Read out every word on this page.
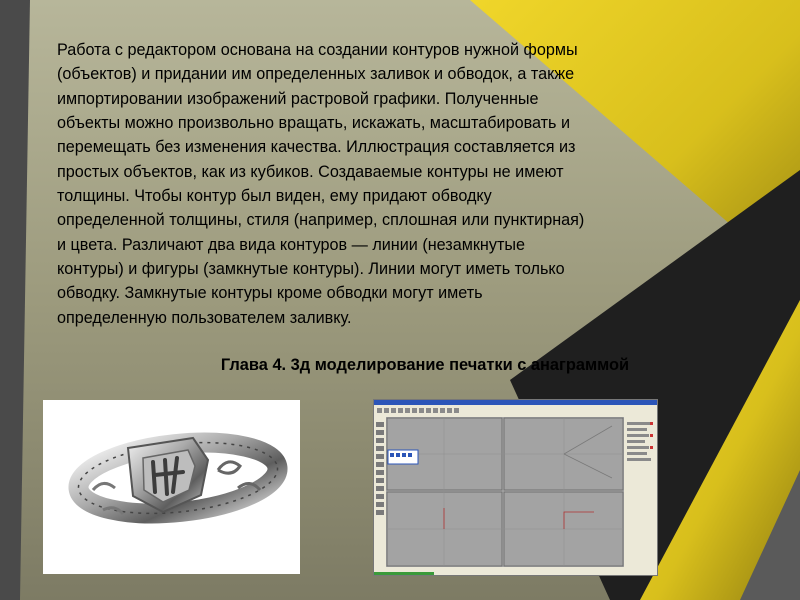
Работа с редактором основана на создании контуров нужной формы
(объектов) и придании им определенных заливок и обводок, а также
импортировании изображений растровой графики. Полученные
объекты можно произвольно вращать, искажать, масштабировать и
перемещать без изменения качества. Иллюстрация составляется из
простых объектов, как из кубиков. Создаваемые контуры не имеют
толщины. Чтобы контур был виден, ему придают обводку
определенной толщины, стиля (например, сплошная или пунктирная)
и цвета. Различают два вида контуров — линии (незамкнутые
контуры) и фигуры (замкнутые контуры). Линии могут иметь только
обводку. Замкнутые контуры кроме обводки могут иметь
определенную пользователем заливку.

Глава 4. 3д моделирование печатки с анаграммой
